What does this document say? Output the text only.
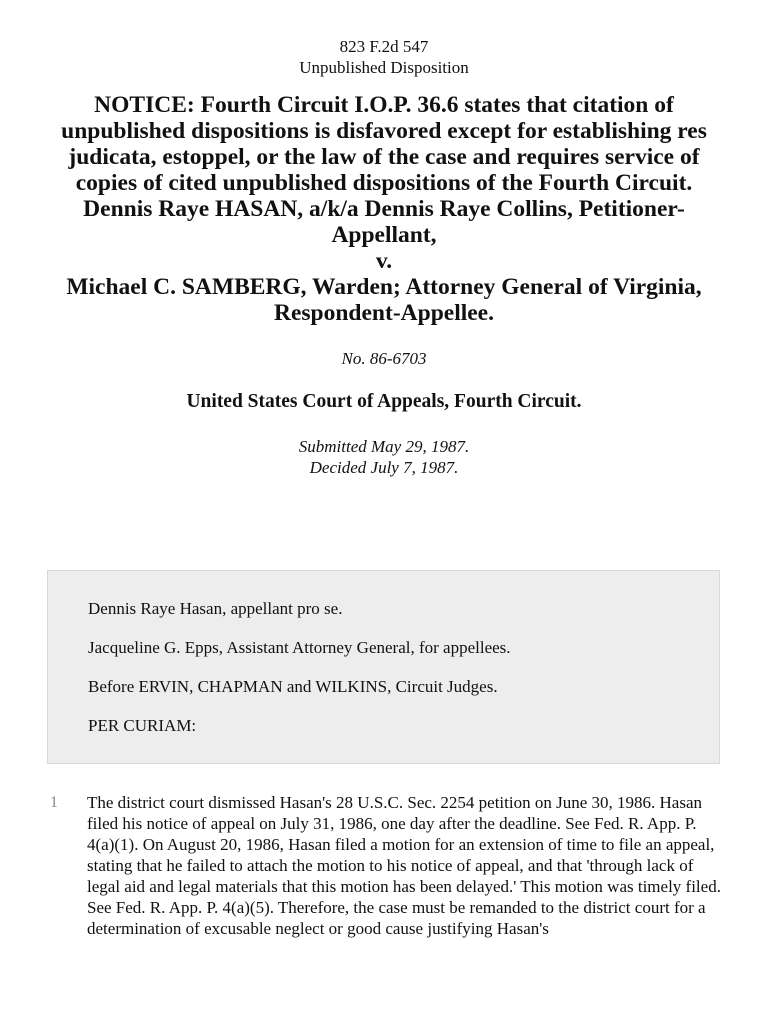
823 F.2d 547
Unpublished Disposition
NOTICE: Fourth Circuit I.O.P. 36.6 states that citation of unpublished dispositions is disfavored except for establishing res judicata, estoppel, or the law of the case and requires service of copies of cited unpublished dispositions of the Fourth Circuit.
Dennis Raye HASAN, a/k/a Dennis Raye Collins, Petitioner-Appellant,
v.
Michael C. SAMBERG, Warden; Attorney General of Virginia,
Respondent-Appellee.
No. 86-6703
United States Court of Appeals, Fourth Circuit.
Submitted May 29, 1987.
Decided July 7, 1987.

Dennis Raye Hasan, appellant pro se.

Jacqueline G. Epps, Assistant Attorney General, for appellees.

Before ERVIN, CHAPMAN and WILKINS, Circuit Judges.

PER CURIAM:

1 The district court dismissed Hasan's 28 U.S.C. Sec. 2254 petition on June 30, 1986. Hasan filed his notice of appeal on July 31, 1986, one day after the deadline. See Fed. R. App. P. 4(a)(1). On August 20, 1986, Hasan filed a motion for an extension of time to file an appeal, stating that he failed to attach the motion to his notice of appeal, and that 'through lack of legal aid and legal materials that this motion has been delayed.' This motion was timely filed. See Fed. R. App. P. 4(a)(5). Therefore, the case must be remanded to the district court for a determination of excusable neglect or good cause justifying Hasan's
